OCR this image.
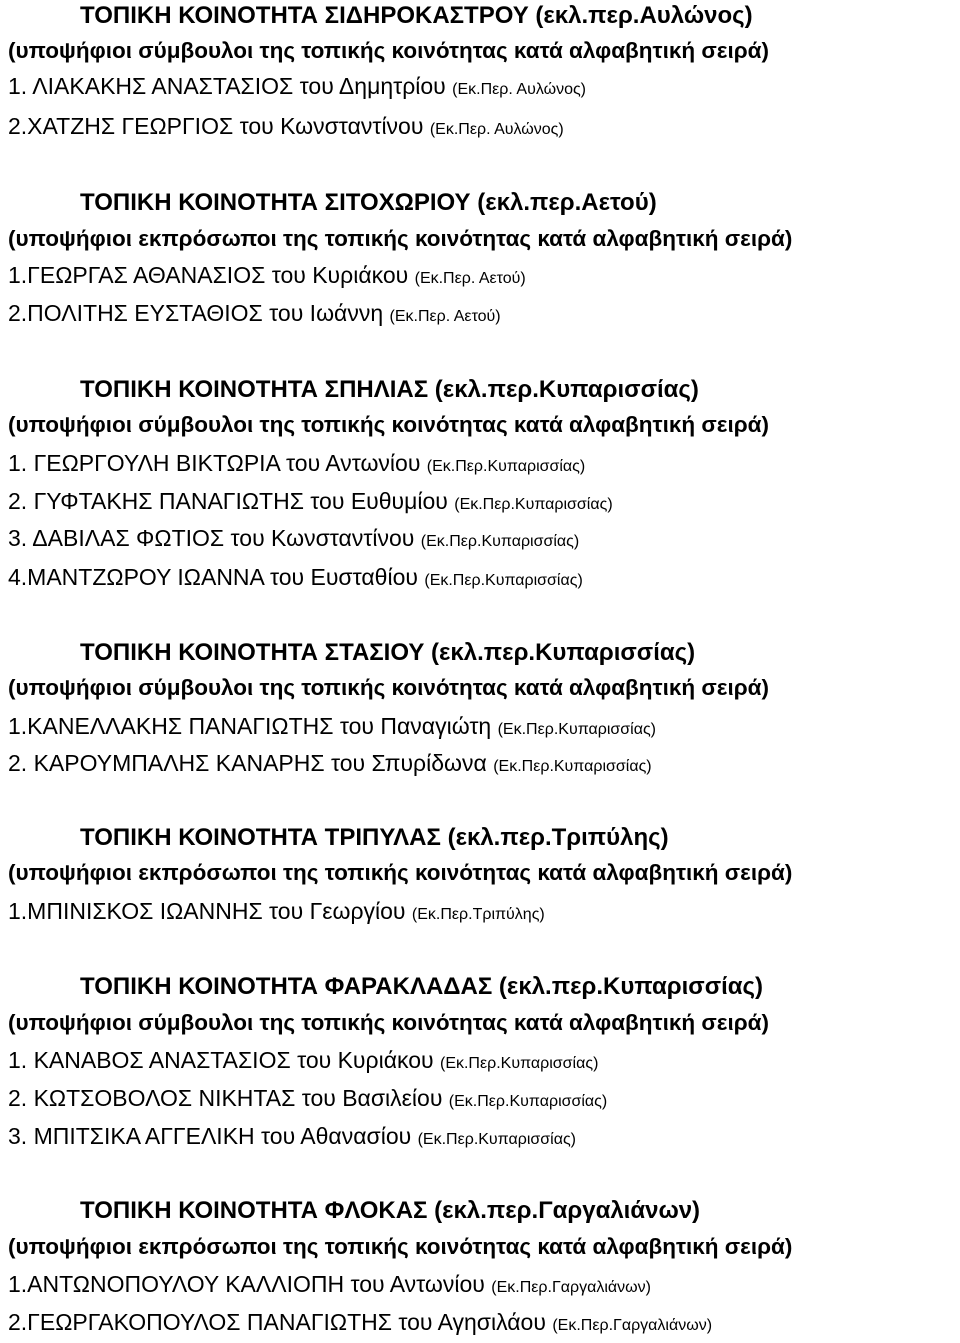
ΤΟΠΙΚΗ ΚΟΙΝΟΤΗΤΑ ΣΙΔΗΡΟΚΑΣΤΡΟΥ (εκλ.περ.Αυλώνος)
(υποψήφιοι σύμβουλοι της τοπικής κοινότητας κατά αλφαβητική σειρά)
1. ΛΙΑΚΑΚΗΣ ΑΝΑΣΤΑΣΙΟΣ του Δημητρίου (Εκ.Περ. Αυλώνος)
2.ΧΑΤΖΗΣ ΓΕΩΡΓΙΟΣ του Κωνσταντίνου (Εκ.Περ. Αυλώνος)
ΤΟΠΙΚΗ ΚΟΙΝΟΤΗΤΑ ΣΙΤΟΧΩΡΙΟΥ (εκλ.περ.Αετού)
(υποψήφιοι εκπρόσωποι της τοπικής κοινότητας κατά αλφαβητική σειρά)
1.ΓΕΩΡΓΑΣ ΑΘΑΝΑΣΙΟΣ του Κυριάκου (Εκ.Περ. Αετού)
2.ΠΟΛΙΤΗΣ ΕΥΣΤΑΘΙΟΣ του Ιωάννη (Εκ.Περ. Αετού)
ΤΟΠΙΚΗ ΚΟΙΝΟΤΗΤΑ ΣΠΗΛΙΑΣ (εκλ.περ.Κυπαρισσίας)
(υποψήφιοι σύμβουλοι της τοπικής κοινότητας κατά αλφαβητική σειρά)
1. ΓΕΩΡΓΟΥΛΗ ΒΙΚΤΩΡΙΑ του Αντωνίου (Εκ.Περ.Κυπαρισσίας)
2. ΓΥΦΤΑΚΗΣ ΠΑΝΑΓΙΩΤΗΣ του Ευθυμίου (Εκ.Περ.Κυπαρισσίας)
3. ΔΑΒΙΛΑΣ ΦΩΤΙΟΣ του Κωνσταντίνου (Εκ.Περ.Κυπαρισσίας)
4.ΜΑΝΤΖΩΡΟΥ ΙΩΑΝΝΑ του Ευσταθίου (Εκ.Περ.Κυπαρισσίας)
ΤΟΠΙΚΗ ΚΟΙΝΟΤΗΤΑ ΣΤΑΣΙΟΥ (εκλ.περ.Κυπαρισσίας)
(υποψήφιοι σύμβουλοι της τοπικής κοινότητας κατά αλφαβητική σειρά)
1.ΚΑΝΕΛΛΑΚΗΣ ΠΑΝΑΓΙΩΤΗΣ του Παναγιώτη (Εκ.Περ.Κυπαρισσίας)
2. ΚΑΡΟΥΜΠΑΛΗΣ ΚΑΝΑΡΗΣ του Σπυρίδωνα (Εκ.Περ.Κυπαρισσίας)
ΤΟΠΙΚΗ ΚΟΙΝΟΤΗΤΑ ΤΡΙΠΥΛΑΣ (εκλ.περ.Τριπύλης)
(υποψήφιοι εκπρόσωποι της τοπικής κοινότητας κατά αλφαβητική σειρά)
1.ΜΠΙΝΙΣΚΟΣ ΙΩΑΝΝΗΣ του Γεωργίου (Εκ.Περ.Τριπύλης)
ΤΟΠΙΚΗ ΚΟΙΝΟΤΗΤΑ ΦΑΡΑΚΛΑΔΑΣ (εκλ.περ.Κυπαρισσίας)
(υποψήφιοι σύμβουλοι της τοπικής κοινότητας κατά αλφαβητική σειρά)
1. ΚΑΝΑΒΟΣ ΑΝΑΣΤΑΣΙΟΣ του Κυριάκου (Εκ.Περ.Κυπαρισσίας)
2. ΚΩΤΣΟΒΟΛΟΣ ΝΙΚΗΤΑΣ του Βασιλείου (Εκ.Περ.Κυπαρισσίας)
3. ΜΠΙΤΣΙΚΑ ΑΓΓΕΛΙΚΗ του Αθανασίου (Εκ.Περ.Κυπαρισσίας)
ΤΟΠΙΚΗ ΚΟΙΝΟΤΗΤΑ ΦΛΟΚΑΣ (εκλ.περ.Γαργαλιάνων)
(υποψήφιοι εκπρόσωποι της τοπικής κοινότητας κατά αλφαβητική σειρά)
1.ΑΝΤΩΝΟΠΟΥΛΟΥ ΚΑΛΛΙΟΠΗ του Αντωνίου (Εκ.Περ.Γαργαλιάνων)
2.ΓΕΩΡΓΑΚΟΠΟΥΛΟΣ ΠΑΝΑΓΙΩΤΗΣ του Αγησιλάου (Εκ.Περ.Γαργαλιάνων)
